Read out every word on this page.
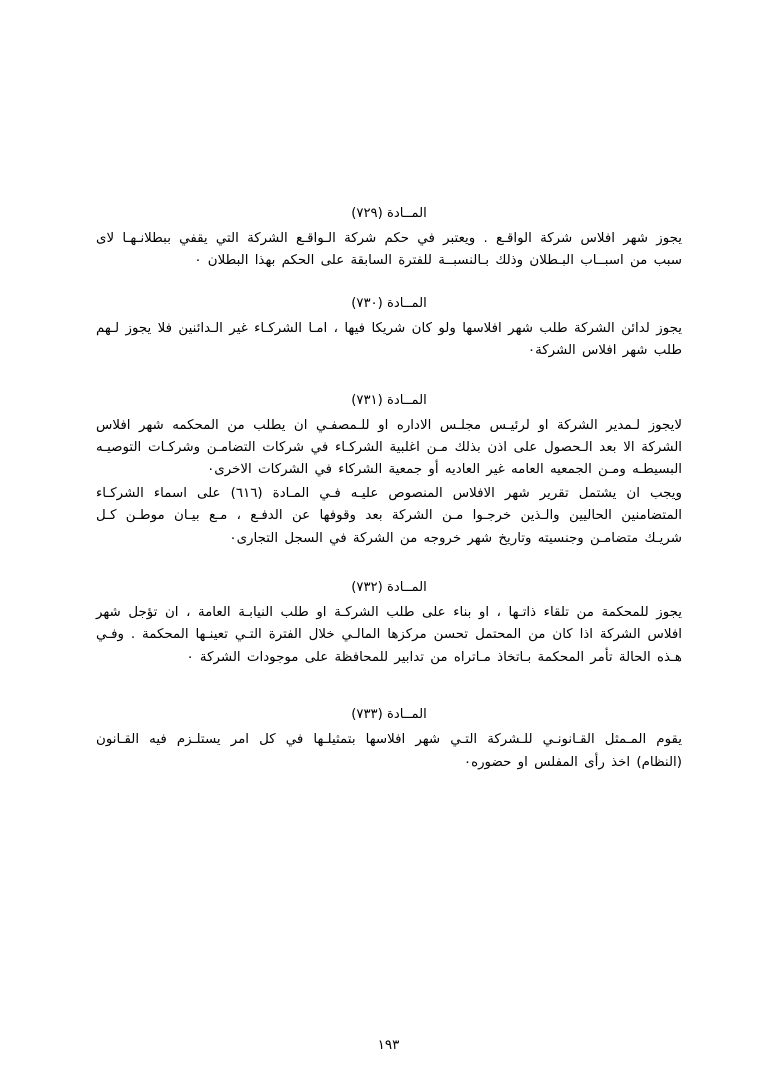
المــادة (٧٢٩)

يجوز شهر افلاس شركة الواقـع . ويعتبر في حكم شركة الـواقـع الشركة التي يقفي ببطلانـهـا لاى سبب من اسبــاب البـطلان وذلك بـالنسبــة للفترة السابقة على الحكم بهذا البطلان ٠

المــادة (٧٣٠)

يجوز لدائن الشركة طلب شهر افلاسها ولو كان شريكا فيها ، امـا الشركـاء غير الـدائنين فلا يجوز لـهم طلب شهر افلاس الشركة٠

المــادة (٧٣١)

لايجوز لـمدير الشركة او لرئيـس مجلـس الاداره او للـمصفـي ان يطلب من المحكمه شهر افلاس الشركة الا بعد الـحصول على اذن بذلك مـن اغلبية الشركـاء في شركات التضامـن وشركـات التوصيـه البسيطـه ومـن الجمعيه العامه غير العاديه أو جمعية الشركاء في الشركات الاخرى٠

ويجب ان يشتمل تقرير شهر الافلاس المنصوص عليـه فـي المـادة (٦١٦) على اسماء الشركـاء المتضامنين الحاليين والـذين خرجـوا مـن الشركة بعد وقوفها عن الدفـع ، مـع بيـان موطـن كـل شريـك متضامـن وجنسيته وتاريخ شهر خروجه من الشركة في السجل التجارى٠

المــادة (٧٣٢)

يجوز للمحكمة من تلقاء ذاتـها ، او بناء على طلب الشركـة او طلب النيابـة العامة ، ان تؤجل شهر افلاس الشركة اذا كان من المحتمل تحسن مركزها المالـي خلال الفترة التـي تعينـها المحكمة . وفـي هـذه الحالة تأمر المحكمة بـاتخاذ مـاتراه من تدابير للمحافظة على موجودات الشركة ٠

المــادة (٧٣٣)

يقوم المـمثل القـانونـي للـشركة التـي شهر افلاسها بتمثيلـها في كل امر يستلـزم فيه القـانون (النظام) اخذ رأى المفلس او حضوره٠

١٩٣
